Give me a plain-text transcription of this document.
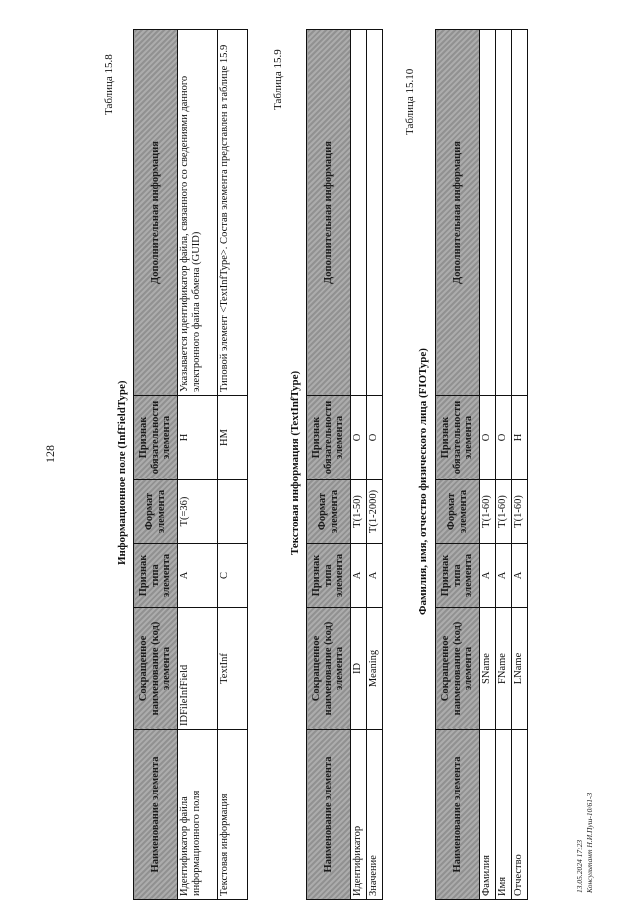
128
Таблица 15.8
Информационное поле (InfFieldType)
Наименование элемента	Сокращенное наименование (код) элемента	Признак типа элемента	Формат элемента	Признак обязательности элемента	Дополнительная информация
Идентификатор файла информационного поля	IDFileInfField	A	T(=36)	Н	Указывается идентификатор файла, связанного со сведениями данного электронного файла обмена (GUID)
Текстовая информация	TextInf	С		НМ	Типовой элемент <TextInfType>. Состав элемента представлен в таблице 15.9	Таблица 15.9
Текстовая информация (TextInfType)
Наименование элемента	Сокращенное наименование (код) элемента	Признак типа элемента	Формат элемента	Признак обязательности элемента	Дополнительная информация
Идентификатор	ID	A	T(1-50)	О	
Значение	Meaning	A	T(1-2000)	О	
Таблица 15.10
Фамилия, имя, отчество физического лица (FIOType)
Наименование элемента	Сокращенное наименование (код) элемента	Признак типа элемента	Формат элемента	Признак обязательности элемента	Дополнительная информация
Фамилия	SName	A	T(1-60)	О	
Имя	FName	A	T(1-60)	О	
Отчество	LName	A	T(1-60)	Н	
13.05.2024 17:23 Консультант Н.И.Пуш-10/61-3
